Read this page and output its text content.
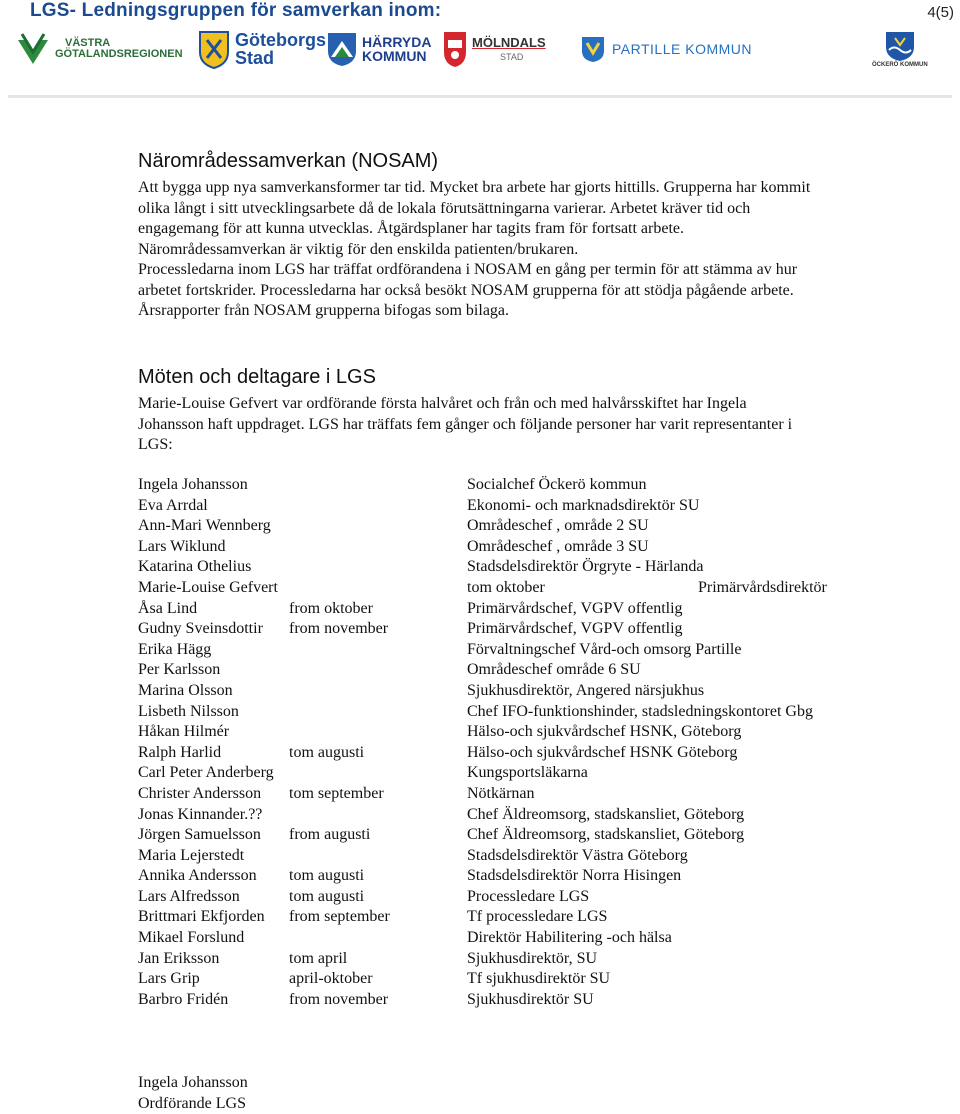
LGS- Ledningsgruppen för samverkan inom:	4(5)
VÄSTRA
GÖTALANDSREGIONEN
Göteborgs
Stad
HÄRRYDA
KOMMUN
MÖLNDALS
STAD	PARTILLE KOMMUN
ÖCKERÖ KOMMUN
Närområdessamverkan (NOSAM)
Att bygga upp nya samverkansformer tar tid. Mycket bra arbete har gjorts hittills. Grupperna har kommit
olika långt i sitt utvecklingsarbete då de lokala förutsättningarna varierar. Arbetet kräver tid och
engagemang för att kunna utvecklas. Åtgärdsplaner har tagits fram för fortsatt arbete.
Närområdessamverkan är viktig för den enskilda patienten/brukaren.
Processledarna inom LGS har träffat ordförandena i NOSAM en gång per termin för att stämma av hur
arbetet fortskrider. Processledarna har också besökt NOSAM grupperna för att stödja pågående arbete.
Årsrapporter från NOSAM grupperna bifogas som bilaga.
Möten och deltagare i LGS
Marie-Louise Gefvert var ordförande första halvåret och från och med halvårsskiftet har Ingela
Johansson haft uppdraget. LGS har träffats fem gånger och följande personer har varit representanter i
LGS:
Ingela Johansson	Socialchef Öckerö kommun
Eva Arrdal	Ekonomi- och marknadsdirektör SU
Ann-Mari Wennberg	Områdeschef , område 2 SU
Lars Wiklund	Områdeschef , område 3 SU
Katarina Othelius	Stadsdelsdirektör Örgryte - Härlanda
Marie-Louise Gefvert	tom oktober	Primärvårdsdirektör
Åsa Lind	from oktober	Primärvårdschef, VGPV offentlig
Gudny Sveinsdottir from november	Primärvårdschef, VGPV offentlig
Erika Hägg	Förvaltningschef Vård-och omsorg Partille
Per Karlsson	Områdeschef område 6 SU
Marina Olsson	Sjukhusdirektör, Angered närsjukhus
Lisbeth Nilsson	Chef IFO-funktionshinder, stadsledningskontoret Gbg
Håkan Hilmér	Hälso-och sjukvårdschef HSNK, Göteborg
Ralph Harlid	tom augusti	Hälso-och sjukvårdschef HSNK Göteborg
Carl Peter Anderberg	Kungsportsläkarna
Christer Andersson tom september	Nötkärnan
Jonas Kinnander.??	Chef Äldreomsorg, stadskansliet, Göteborg
Jörgen Samuelsson from augusti	Chef Äldreomsorg, stadskansliet, Göteborg
Maria Lejerstedt	Stadsdelsdirektör Västra Göteborg
Annika Andersson tom augusti	Stadsdelsdirektör Norra Hisingen
Lars Alfredsson	tom augusti	Processledare LGS
Brittmari Ekfjorden from september	Tf processledare LGS
Mikael Forslund	Direktör Habilitering -och hälsa
Jan Eriksson	tom april	Sjukhusdirektör, SU
Lars Grip	april-oktober	Tf sjukhusdirektör SU
Barbro Fridén	from november	Sjukhusdirektör SU
Ingela Johansson
Ordförande LGS
